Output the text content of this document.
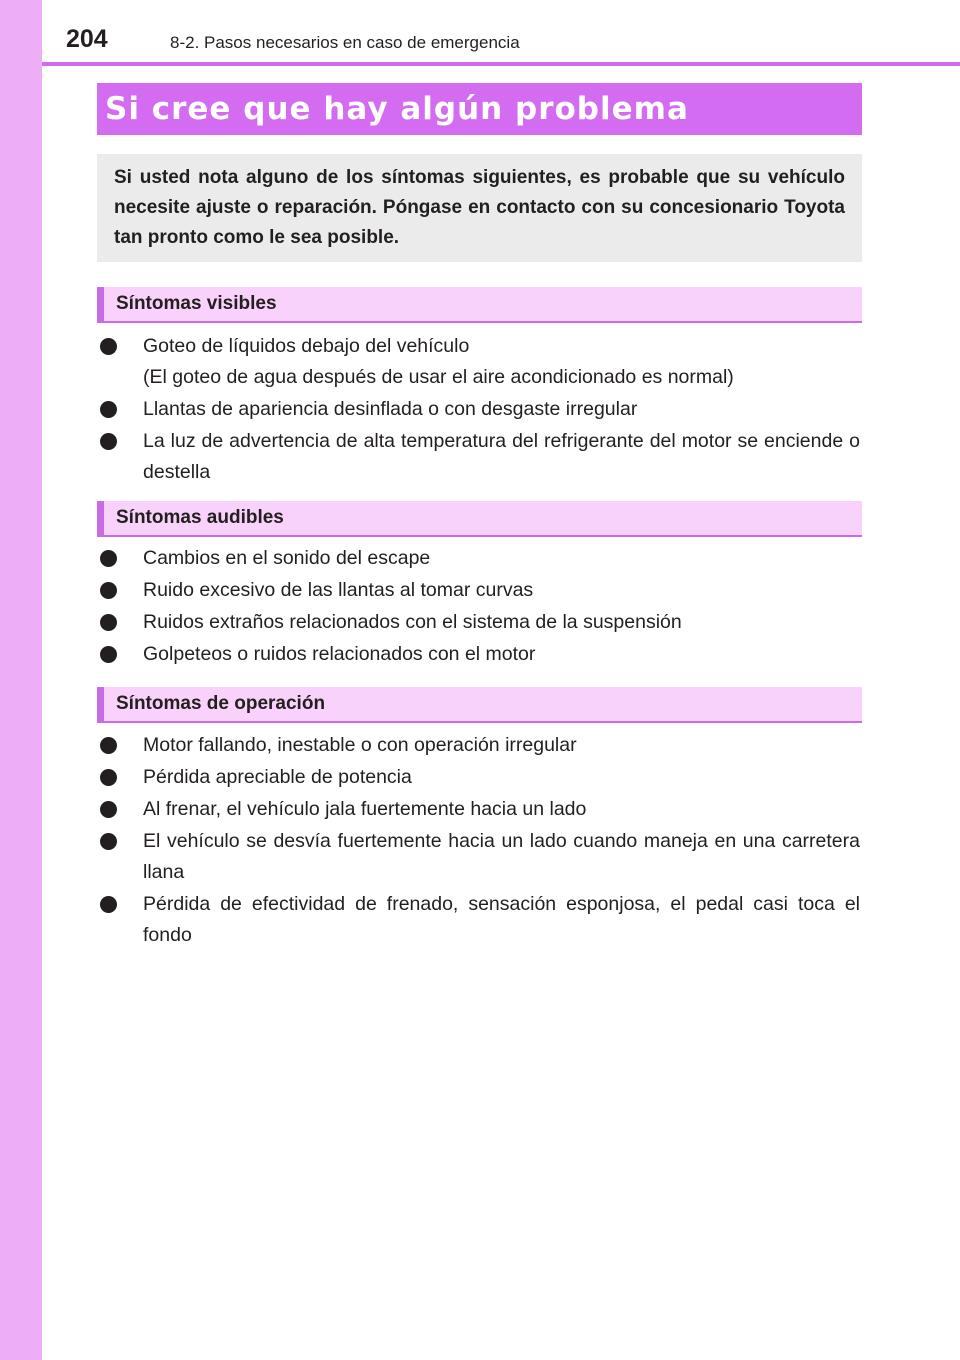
204	8-2. Pasos necesarios en caso de emergencia
Si cree que hay algún problema
Si usted nota alguno de los síntomas siguientes, es probable que su vehículo necesite ajuste o reparación. Póngase en contacto con su concesionario Toyota tan pronto como le sea posible.
Síntomas visibles
Goteo de líquidos debajo del vehículo
(El goteo de agua después de usar el aire acondicionado es normal)
Llantas de apariencia desinflada o con desgaste irregular
La luz de advertencia de alta temperatura del refrigerante del motor se enciende o destella
Síntomas audibles
Cambios en el sonido del escape
Ruido excesivo de las llantas al tomar curvas
Ruidos extraños relacionados con el sistema de la suspensión
Golpeteos o ruidos relacionados con el motor
Síntomas de operación
Motor fallando, inestable o con operación irregular
Pérdida apreciable de potencia
Al frenar, el vehículo jala fuertemente hacia un lado
El vehículo se desvía fuertemente hacia un lado cuando maneja en una carretera llana
Pérdida de efectividad de frenado, sensación esponjosa, el pedal casi toca el fondo
